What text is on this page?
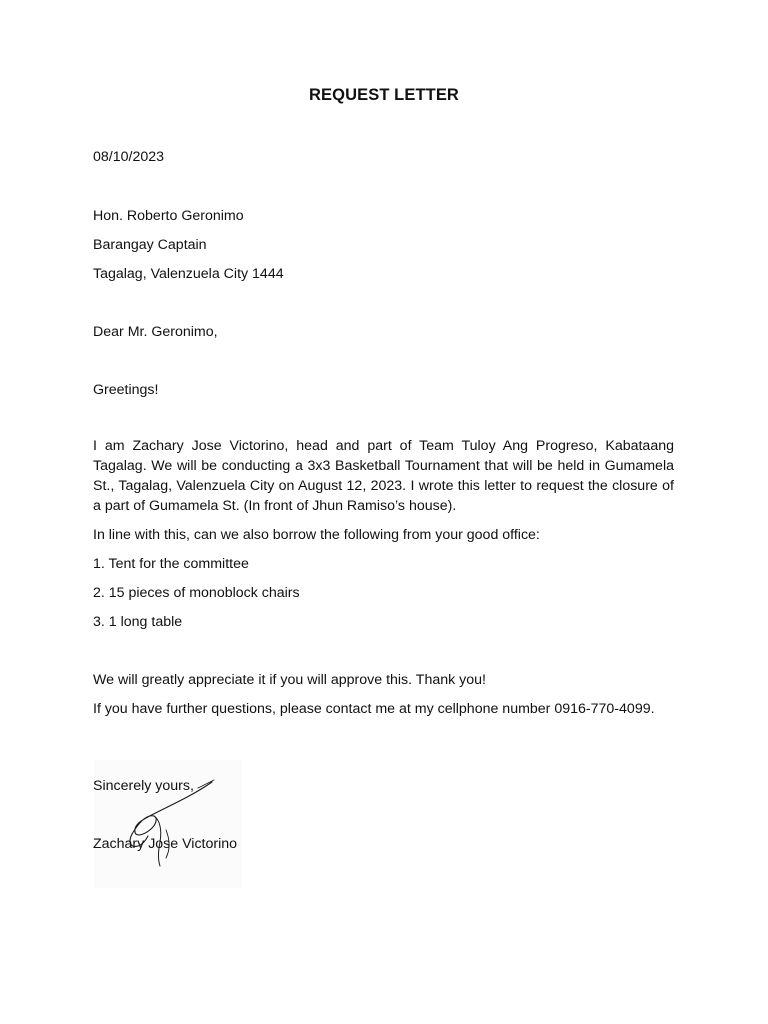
REQUEST LETTER
08/10/2023
Hon. Roberto Geronimo
Barangay Captain
Tagalag, Valenzuela City 1444
Dear Mr. Geronimo,
Greetings!
I am Zachary Jose Victorino, head and part of Team Tuloy Ang Progreso, Kabataang Tagalag. We will be conducting a 3x3 Basketball Tournament that will be held in Gumamela St., Tagalag, Valenzuela City on August 12, 2023. I wrote this letter to request the closure of a part of Gumamela St. (In front of Jhun Ramiso’s house).
In line with this, can we also borrow the following from your good office:
1. Tent for the committee
2. 15 pieces of monoblock chairs
3. 1 long table
We will greatly appreciate it if you will approve this. Thank you!
If you have further questions, please contact me at my cellphone number 0916-770-4099.
Sincerely yours,
Zachary Jose Victorino
